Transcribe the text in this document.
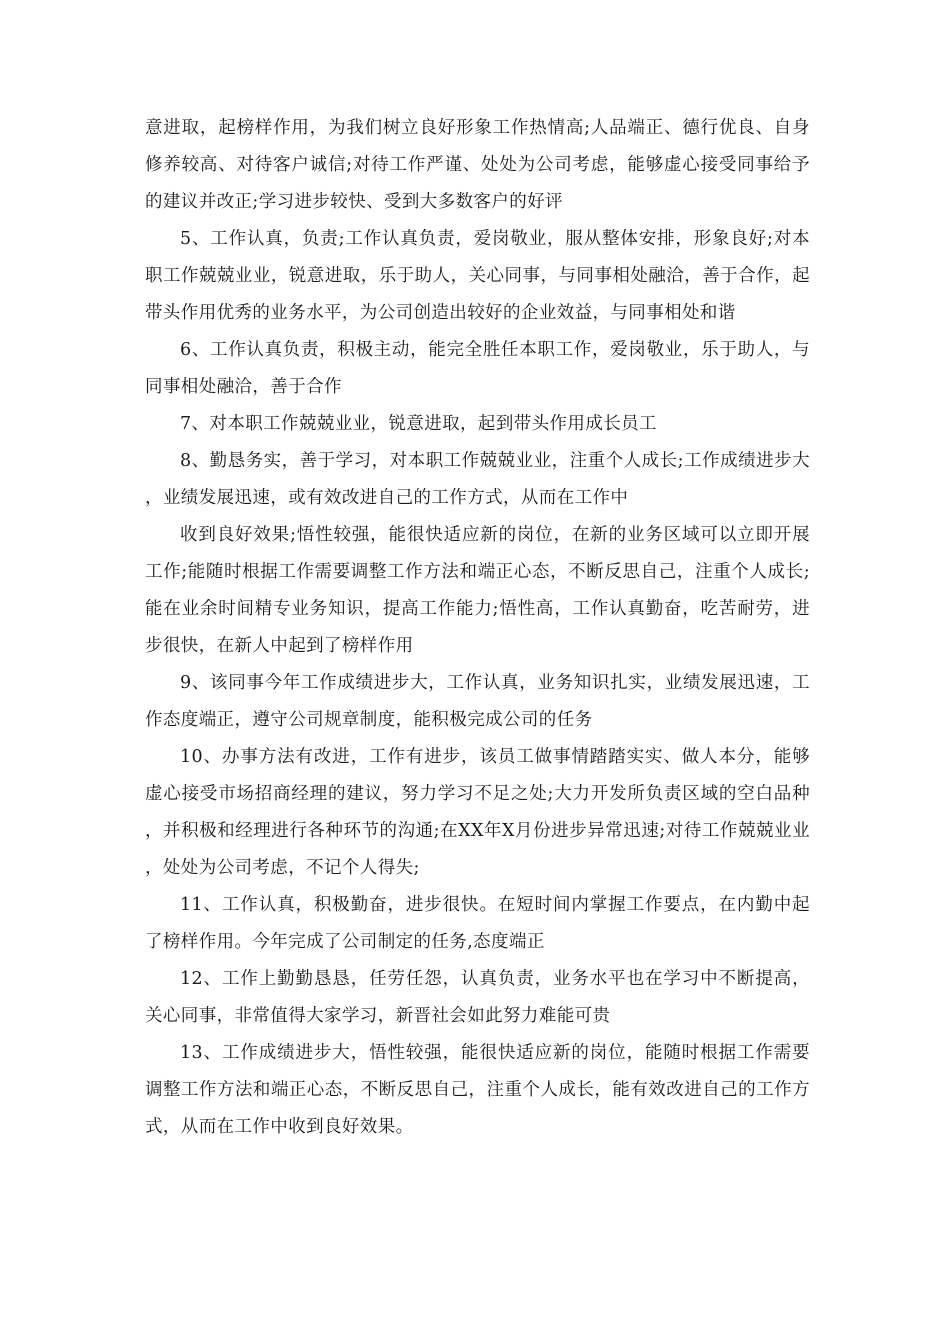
意进取，起榜样作用，为我们树立良好形象工作热情高;人品端正、德行优良、自身修养较高、对待客户诚信;对待工作严谨、处处为公司考虑，能够虚心接受同事给予的建议并改正;学习进步较快、受到大多数客户的好评

5、工作认真，负责;工作认真负责，爱岗敬业，服从整体安排，形象良好;对本职工作兢兢业业，锐意进取，乐于助人，关心同事，与同事相处融洽，善于合作，起带头作用优秀的业务水平，为公司创造出较好的企业效益，与同事相处和谐

6、工作认真负责，积极主动，能完全胜任本职工作，爱岗敬业，乐于助人，与同事相处融洽，善于合作

7、对本职工作兢兢业业，锐意进取，起到带头作用成长员工

8、勤恳务实，善于学习，对本职工作兢兢业业，注重个人成长;工作成绩进步大，业绩发展迅速，或有效改进自己的工作方式，从而在工作中

收到良好效果;悟性较强，能很快适应新的岗位，在新的业务区域可以立即开展工作;能随时根据工作需要调整工作方法和端正心态，不断反思自己，注重个人成长;能在业余时间精专业务知识，提高工作能力;悟性高，工作认真勤奋，吃苦耐劳，进步很快，在新人中起到了榜样作用

9、该同事今年工作成绩进步大，工作认真，业务知识扎实，业绩发展迅速，工作态度端正，遵守公司规章制度，能积极完成公司的任务

10、办事方法有改进，工作有进步，该员工做事情踏踏实实、做人本分，能够虚心接受市场招商经理的建议，努力学习不足之处;大力开发所负责区域的空白品种，并积极和经理进行各种环节的沟通;在XX年X月份进步异常迅速;对待工作兢兢业业，处处为公司考虑，不记个人得失;

11、工作认真，积极勤奋，进步很快。在短时间内掌握工作要点，在内勤中起了榜样作用。今年完成了公司制定的任务,态度端正

12、工作上勤勤恳恳，任劳任怨，认真负责，业务水平也在学习中不断提高，关心同事，非常值得大家学习，新晋社会如此努力难能可贵

13、工作成绩进步大，悟性较强，能很快适应新的岗位，能随时根据工作需要调整工作方法和端正心态，不断反思自己，注重个人成长，能有效改进自己的工作方式，从而在工作中收到良好效果。
